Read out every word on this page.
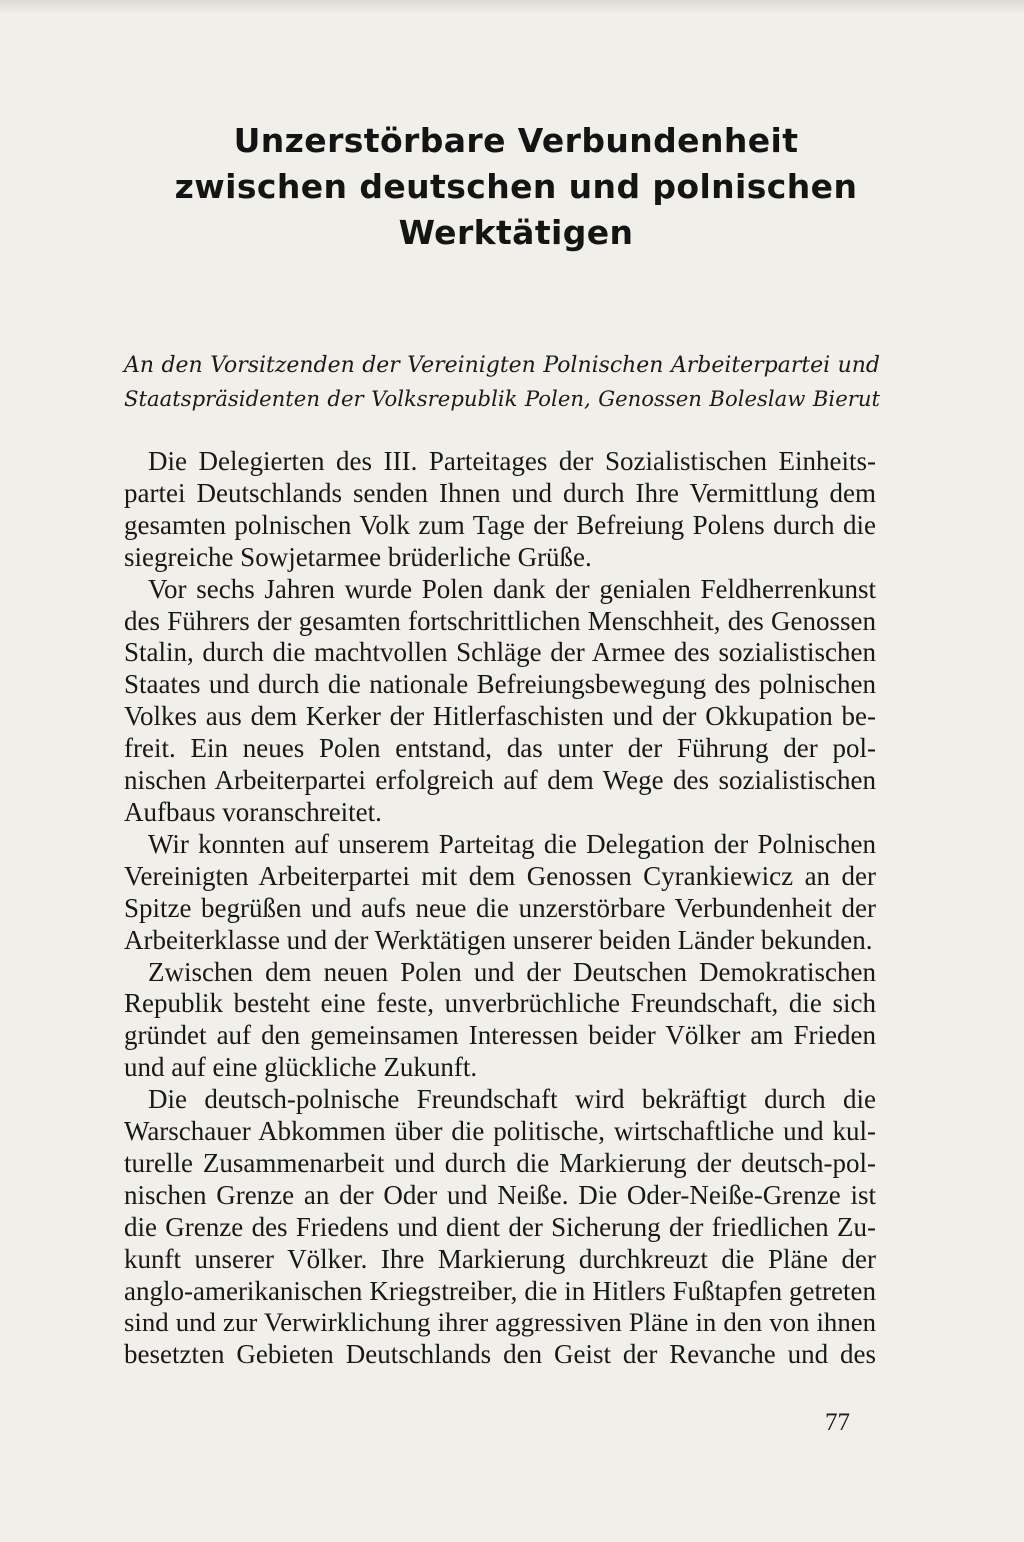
Unzerstörbare Verbundenheit
zwischen deutschen und polnischen Werktätigen
An den Vorsitzenden der Vereinigten Polnischen Arbeiterpartei und
Staatspräsidenten der Volksrepublik Polen, Genossen Boleslaw Bierut
Die Delegierten des III. Parteitages der Sozialistischen Einheits-
partei Deutschlands senden Ihnen und durch Ihre Vermittlung dem
gesamten polnischen Volk zum Tage der Befreiung Polens durch die
siegreiche Sowjetarmee brüderliche Grüße.
Vor sechs Jahren wurde Polen dank der genialen Feldherrenkunst
des Führers der gesamten fortschrittlichen Menschheit, des Genossen
Stalin, durch die machtvollen Schläge der Armee des sozialistischen
Staates und durch die nationale Befreiungsbewegung des polnischen
Volkes aus dem Kerker der Hitlerfaschisten und der Okkupation be-
freit. Ein neues Polen entstand, das unter der Führung der pol-
nischen Arbeiterpartei erfolgreich auf dem Wege des sozialistischen
Aufbaus voranschreitet.
Wir konnten auf unserem Parteitag die Delegation der Polnischen
Vereinigten Arbeiterpartei mit dem Genossen Cyrankiewicz an der
Spitze begrüßen und aufs neue die unzerstörbare Verbundenheit der
Arbeiterklasse und der Werktätigen unserer beiden Länder bekunden.
Zwischen dem neuen Polen und der Deutschen Demokratischen
Republik besteht eine feste, unverbrüchliche Freundschaft, die sich
gründet auf den gemeinsamen Interessen beider Völker am Frieden
und auf eine glückliche Zukunft.
Die deutsch-polnische Freundschaft wird bekräftigt durch die
Warschauer Abkommen über die politische, wirtschaftliche und kul-
turelle Zusammenarbeit und durch die Markierung der deutsch-pol-
nischen Grenze an der Oder und Neiße. Die Oder-Neiße-Grenze ist
die Grenze des Friedens und dient der Sicherung der friedlichen Zu-
kunft unserer Völker. Ihre Markierung durchkreuzt die Pläne der
anglo-amerikanischen Kriegstreiber, die in Hitlers Fußtapfen getreten
sind und zur Verwirklichung ihrer aggressiven Pläne in den von ihnen
besetzten Gebieten Deutschlands den Geist der Revanche und des
77
